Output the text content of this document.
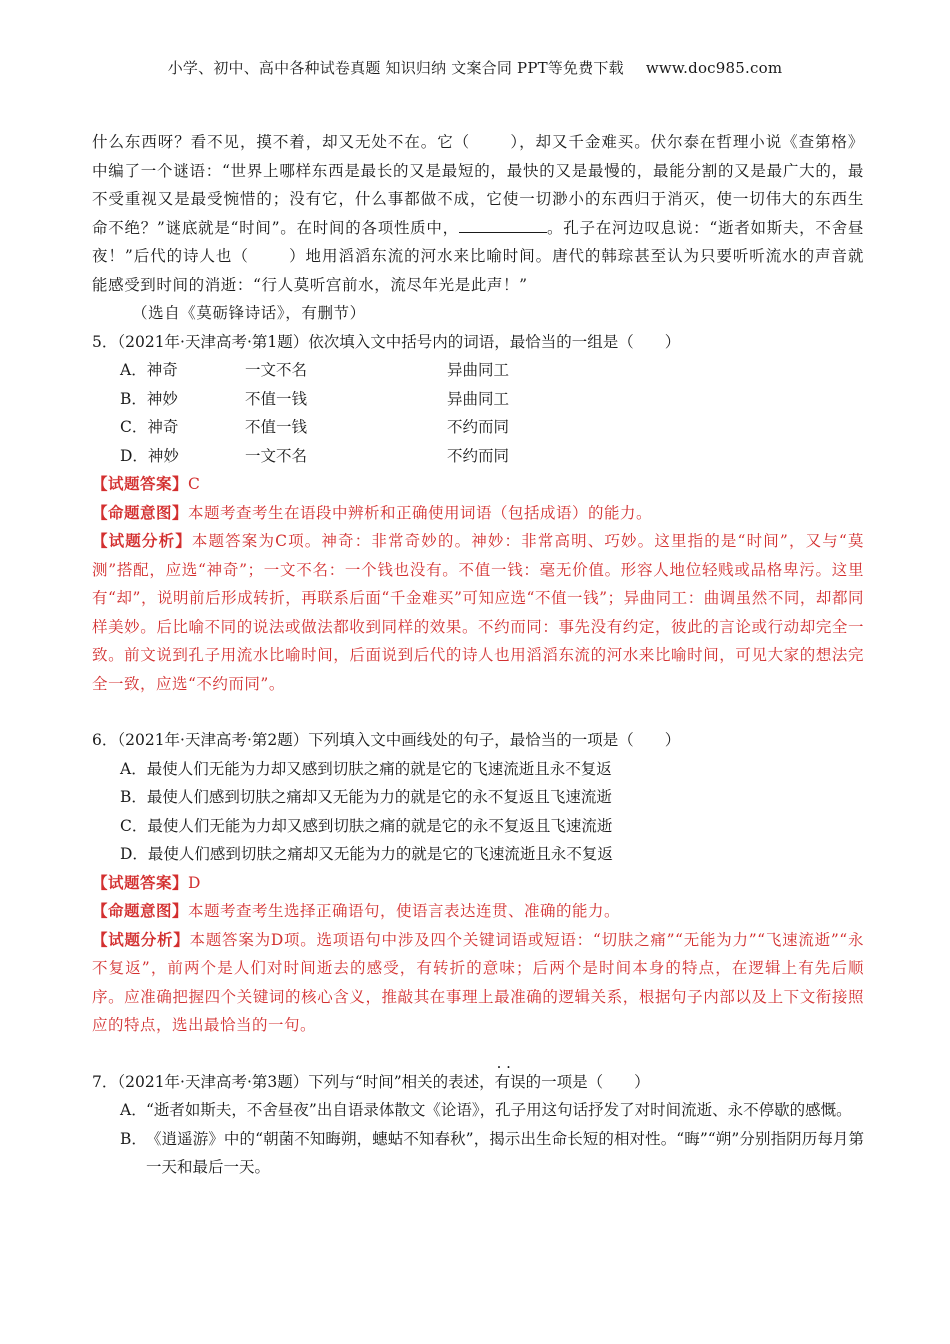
小学、初中、高中各种试卷真题 知识归纳 文案合同 PPT等免费下载 www.doc985.com

什么东西呀？看不见，摸不着，却又无处不在。它（	），却又千金难买。伏尔泰在哲理小说《查第格》中编了一个谜语：“世界上哪样东西是最长的又是最短的，最快的又是最慢的，最能分割的又是最广大的，最不受重视又是最受惋惜的；没有它，什么事都做不成，它使一切渺小的东西归于消灭，使一切伟大的东西生命不绝？”谜底就是“时间”。在时间的各项性质中，	。孔子在河边叹息说：“逝者如斯夫，不舍昼夜！”后代的诗人也（	）地用滔滔东流的河水来比喻时间。唐代的韩琮甚至认为只要听听流水的声音就能感受到时间的消逝：“行人莫听宫前水，流尽年光是此声！”

（选自《莫砺锋诗话》，有删节）

5．（2021年·天津高考·第1题）依次填入文中括号内的词语，最恰当的一组是（　　）

A．神奇	一文不名	异曲同工
B．神妙	不值一钱	异曲同工
C．神奇	不值一钱	不约而同
D．神妙	一文不名	不约而同

【试题答案】C

【命题意图】本题考查考生在语段中辨析和正确使用词语（包括成语）的能力。

【试题分析】本题答案为C项。神奇：非常奇妙的。神妙：非常高明、巧妙。这里指的是“时间”，又与“莫测”搭配，应选“神奇”；一文不名：一个钱也没有。不值一钱：毫无价值。形容人地位轻贱或品格卑污。这里有“却”，说明前后形成转折，再联系后面“千金难买”可知应选“不值一钱”；异曲同工：曲调虽然不同，却都同样美妙。后比喻不同的说法或做法都收到同样的效果。不约而同：事先没有约定，彼此的言论或行动却完全一致。前文说到孔子用流水比喻时间，后面说到后代的诗人也用滔滔东流的河水来比喻时间，可见大家的想法完全一致，应选“不约而同”。

6．（2021年·天津高考·第2题）下列填入文中画线处的句子，最恰当的一项是（　　）

A．最使人们无能为力却又感到切肤之痛的就是它的飞速流逝且永不复返
B．最使人们感到切肤之痛却又无能为力的就是它的永不复返且飞速流逝
C．最使人们无能为力却又感到切肤之痛的就是它的永不复返且飞速流逝
D．最使人们感到切肤之痛却又无能为力的就是它的飞速流逝且永不复返

【试题答案】D

【命题意图】本题考查考生选择正确语句，使语言表达连贯、准确的能力。

【试题分析】本题答案为D项。选项语句中涉及四个关键词语或短语：“切肤之痛”“无能为力”“飞速流逝”“永不复返”，前两个是人们对时间逝去的感受，有转折的意味；后两个是时间本身的特点，在逻辑上有先后顺序。应准确把握四个关键词的核心含义，推敲其在事理上最准确的逻辑关系，根据句子内部以及上下文衔接照应的特点，选出最恰当的一句。

7．（2021年·天津高考·第3题）下列与“时间”相关的表述，· · 有误的一项是（　　）

A． “逝者如斯夫，不舍昼夜”出自语录体散文《论语》，孔子用这句话抒发了对时间流逝、永不停歇的感慨。
B． 《逍遥游》中的“朝菌不知晦朔，蟪蛄不知春秋”，揭示出生命长短的相对性。“晦”“朔”分别指阴历每月第一天和最后一天。
